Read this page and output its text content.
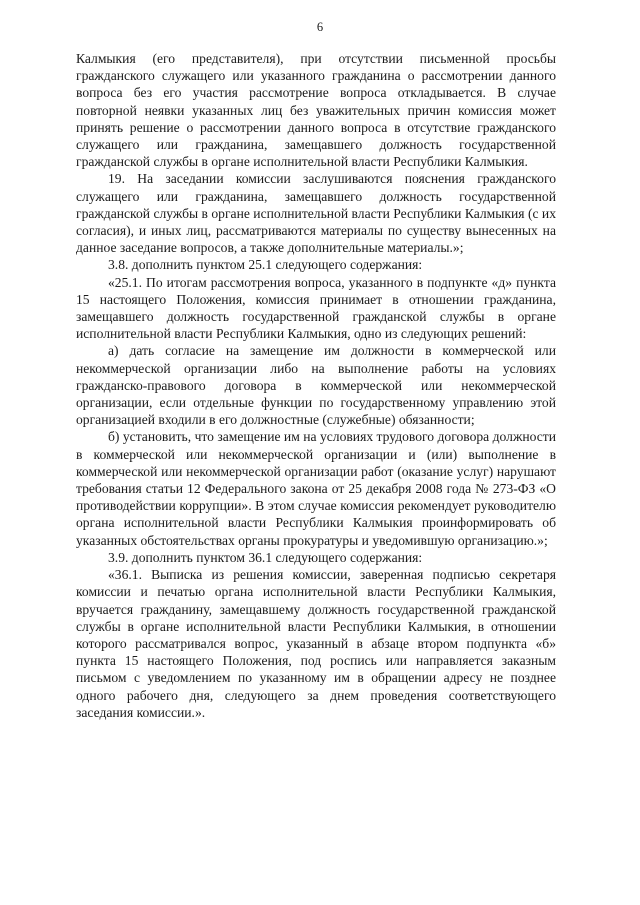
6

Калмыкия (его представителя), при отсутствии письменной просьбы гражданского служащего или указанного гражданина о рассмотрении данного вопроса без его участия рассмотрение вопроса откладывается. В случае повторной неявки указанных лиц без уважительных причин комиссия может принять решение о рассмотрении данного вопроса в отсутствие гражданского служащего или гражданина, замещавшего должность государственной гражданской службы в органе исполнительной власти Республики Калмыкия.

19. На заседании комиссии заслушиваются пояснения гражданского служащего или гражданина, замещавшего должность государственной гражданской службы в органе исполнительной власти Республики Калмыкия (с их согласия), и иных лиц, рассматриваются материалы по существу вынесенных на данное заседание вопросов, а также дополнительные материалы.»;

3.8. дополнить пунктом 25.1 следующего содержания:

«25.1. По итогам рассмотрения вопроса, указанного в подпункте «д» пункта 15 настоящего Положения, комиссия принимает в отношении гражданина, замещавшего должность государственной гражданской службы в органе исполнительной власти Республики Калмыкия, одно из следующих решений:

а) дать согласие на замещение им должности в коммерческой или некоммерческой организации либо на выполнение работы на условиях гражданско-правового договора в коммерческой или некоммерческой организации, если отдельные функции по государственному управлению этой организацией входили в его должностные (служебные) обязанности;

б) установить, что замещение им на условиях трудового договора должности в коммерческой или некоммерческой организации и (или) выполнение в коммерческой или некоммерческой организации работ (оказание услуг) нарушают требования статьи 12 Федерального закона от 25 декабря 2008 года № 273-ФЗ «О противодействии коррупции». В этом случае комиссия рекомендует руководителю органа исполнительной власти Республики Калмыкия проинформировать об указанных обстоятельствах органы прокуратуры и уведомившую организацию.»;

3.9. дополнить пунктом 36.1 следующего содержания:

«36.1. Выписка из решения комиссии, заверенная подписью секретаря комиссии и печатью органа исполнительной власти Республики Калмыкия, вручается гражданину, замещавшему должность государственной гражданской службы в органе исполнительной власти Республики Калмыкия, в отношении которого рассматривался вопрос, указанный в абзаце втором подпункта «б» пункта 15 настоящего Положения, под роспись или направляется заказным письмом с уведомлением по указанному им в обращении адресу не позднее одного рабочего дня, следующего за днем проведения соответствующего заседания комиссии.».
